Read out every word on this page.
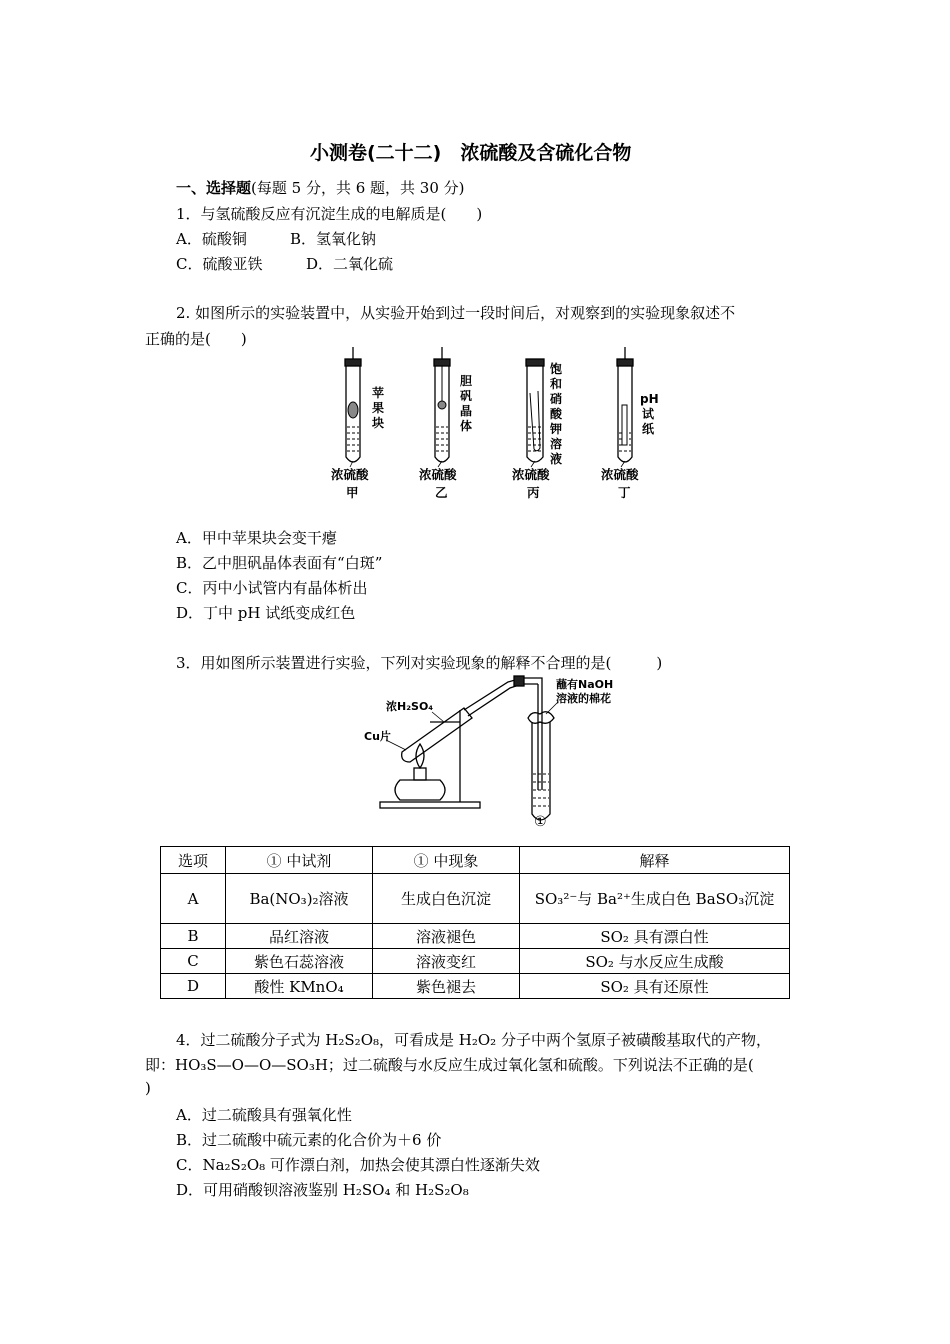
小测卷(二十二)　浓硫酸及含硫化合物
一、选择题(每题 5 分，共 6 题，共 30 分)
1．与氢硫酸反应有沉淀生成的电解质是(　　)
A．硫酸铜	B．氢氧化钠
C．硫酸亚铁	D．二氧化硫
2. 如图所示的实验装置中，从实验开始到过一段时间后，对观察到的实验现象叙述不
正确的是(　　)
苹
果
块
胆
矾
晶
体
饱
和
硝
酸
钾
溶
液
pH
试
纸
浓硫酸
甲
浓硫酸
乙
浓硫酸
丙
浓硫酸
丁
A．甲中苹果块会变干瘪
B．乙中胆矾晶体表面有“白斑”
C．丙中小试管内有晶体析出
D．丁中 pH 试纸变成红色
3．用如图所示装置进行实验，下列对实验现象的解释不合理的是(　　　)
浓H₂SO₄
Cu片
蘸有NaOH
溶液的棉花
①
选项	① 中试剂	① 中现象	解释
A	Ba(NO₃)₂溶液	生成白色沉淀	SO₃²⁻与 Ba²⁺生成白色 BaSO₃沉淀
B	品红溶液	溶液褪色	SO₂ 具有漂白性
C	紫色石蕊溶液	溶液变红	SO₂ 与水反应生成酸
D	酸性 KMnO₄	紫色褪去	SO₂ 具有还原性
4．过二硫酸分子式为 H₂S₂O₈，可看成是 H₂O₂ 分子中两个氢原子被磺酸基取代的产物，
即：HO₃S—O—O—SO₃H；过二硫酸与水反应生成过氧化氢和硫酸。下列说法不正确的是(
)
A．过二硫酸具有强氧化性
B．过二硫酸中硫元素的化合价为＋6 价
C．Na₂S₂O₈ 可作漂白剂，加热会使其漂白性逐渐失效
D．可用硝酸钡溶液鉴别 H₂SO₄ 和 H₂S₂O₈
